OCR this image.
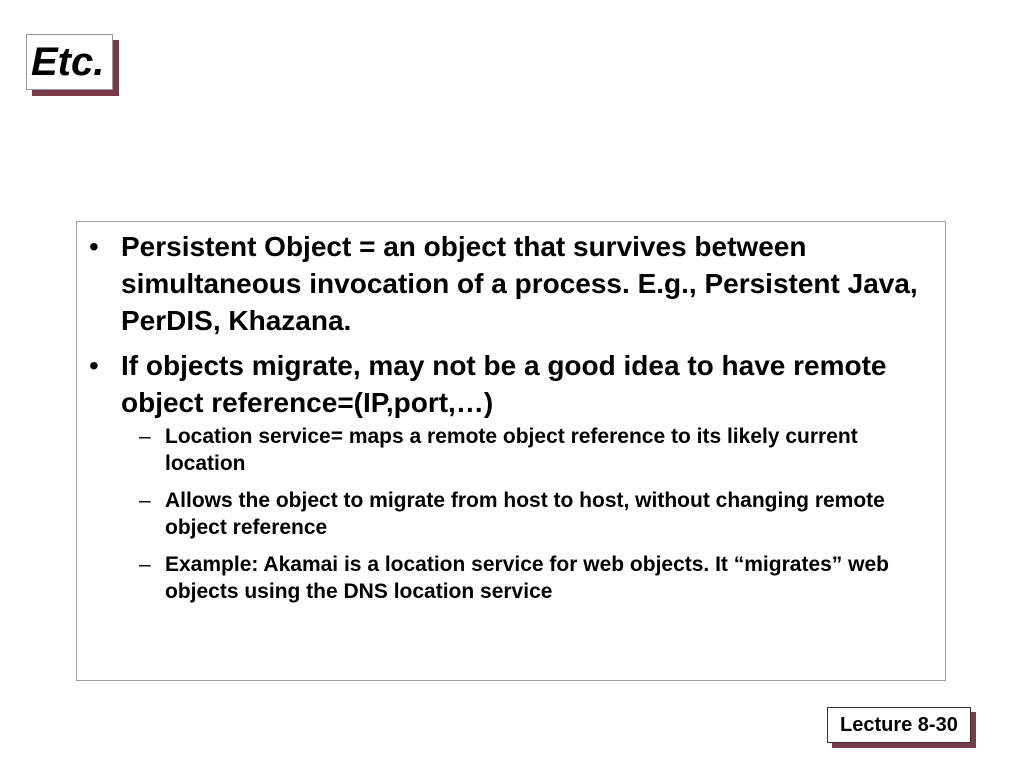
Etc.
• Persistent Object = an object that survives between simultaneous invocation of a process. E.g., Persistent Java, PerDIS, Khazana.
• If objects migrate, may not be a good idea to have remote object reference=(IP,port,…)
– Location service= maps a remote object reference to its likely current location
– Allows the object to migrate from host to host, without changing remote object reference
– Example: Akamai is a location service for web objects. It “migrates” web objects using the DNS location service
Lecture 8-30
